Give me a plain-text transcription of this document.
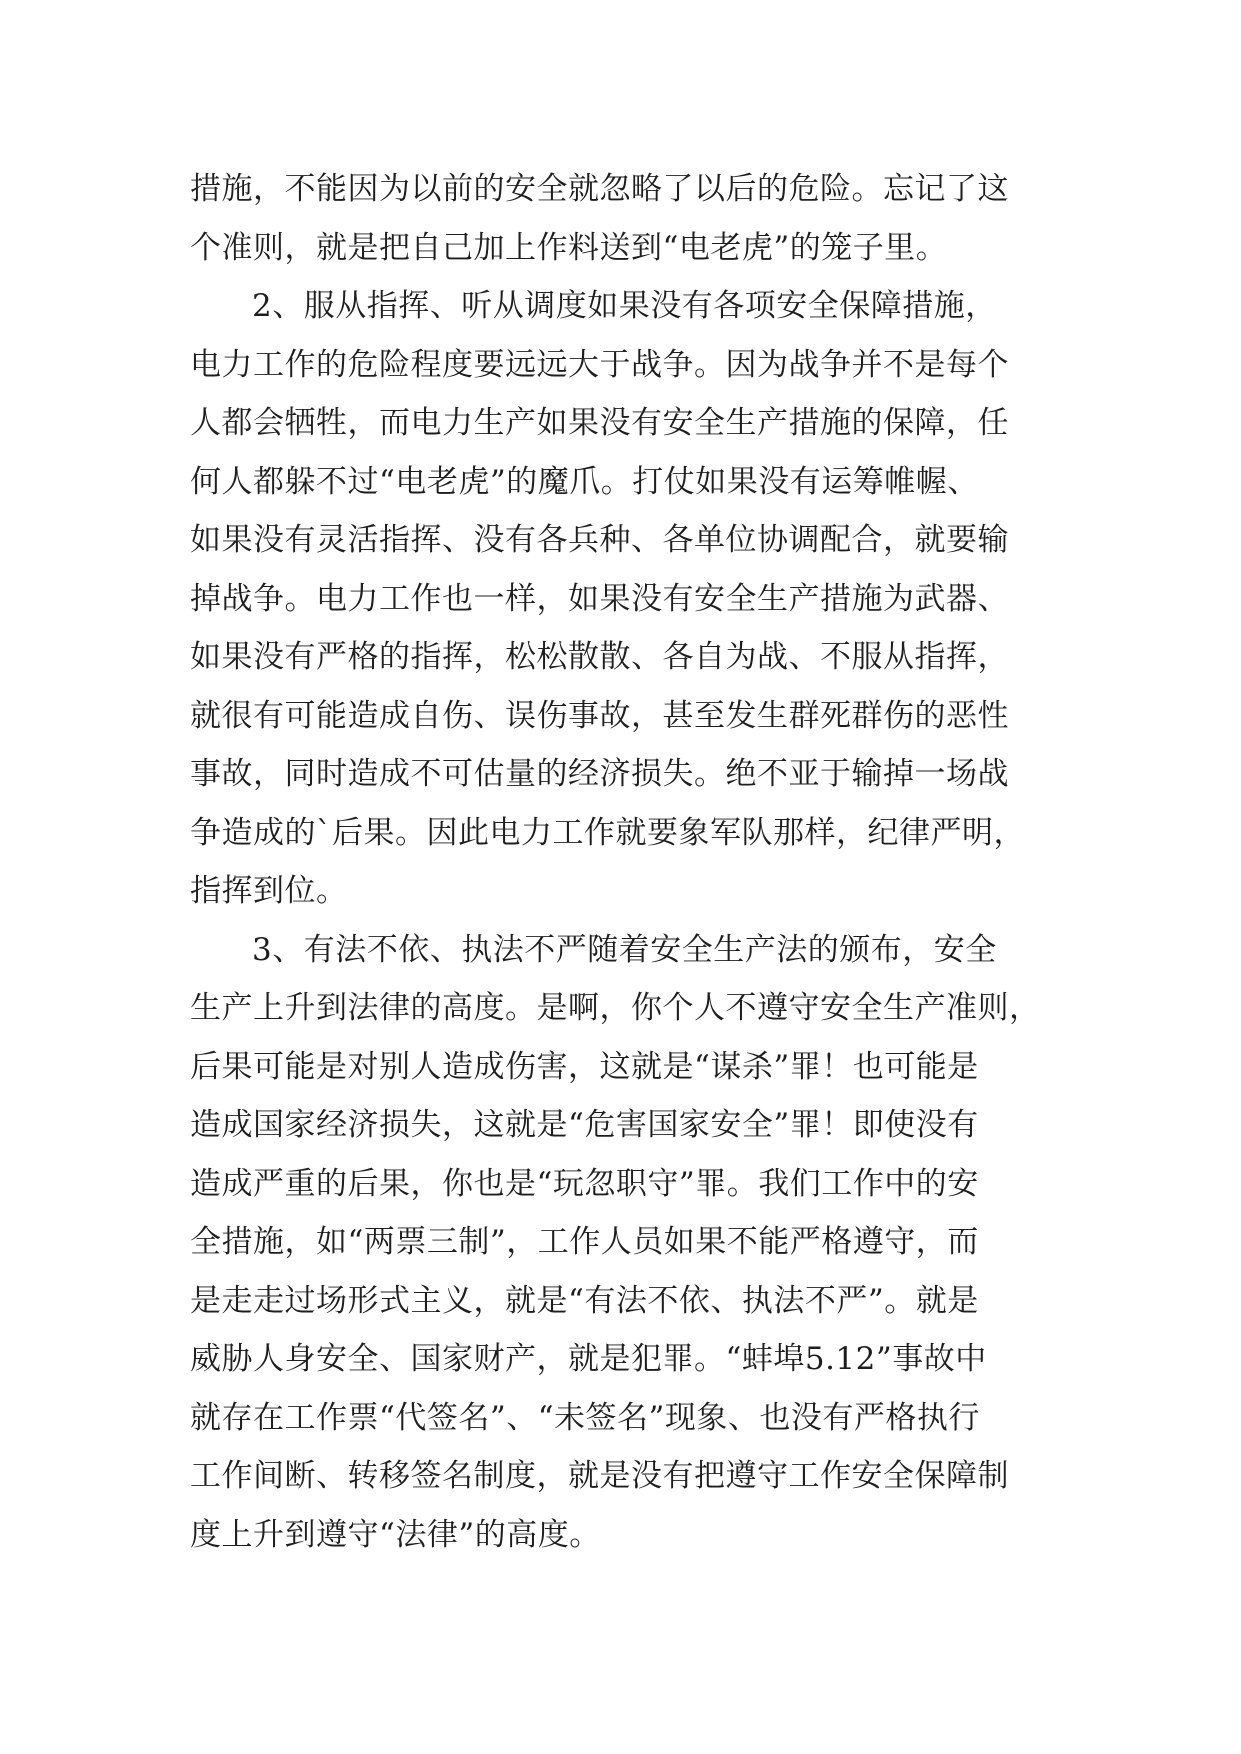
措施，不能因为以前的安全就忽略了以后的危险。忘记了这
个准则，就是把自己加上作料送到“电老虎”的笼子里。
2、服从指挥、听从调度如果没有各项安全保障措施，
电力工作的危险程度要远远大于战争。因为战争并不是每个
人都会牺牲，而电力生产如果没有安全生产措施的保障，任
何人都躲不过“电老虎”的魔爪。打仗如果没有运筹帷幄、
如果没有灵活指挥、没有各兵种、各单位协调配合，就要输
掉战争。电力工作也一样，如果没有安全生产措施为武器、
如果没有严格的指挥，松松散散、各自为战、不服从指挥，
就很有可能造成自伤、误伤事故，甚至发生群死群伤的恶性
事故，同时造成不可估量的经济损失。绝不亚于输掉一场战
争造成的`后果。因此电力工作就要象军队那样，纪律严明，
指挥到位。
3、有法不依、执法不严随着安全生产法的颁布，安全
生产上升到法律的高度。是啊，你个人不遵守安全生产准则，
后果可能是对别人造成伤害，这就是“谋杀”罪！也可能是
造成国家经济损失，这就是“危害国家安全”罪！即使没有
造成严重的后果，你也是“玩忽职守”罪。我们工作中的安
全措施，如“两票三制”，工作人员如果不能严格遵守，而
是走走过场形式主义，就是“有法不依、执法不严”。就是
威胁人身安全、国家财产，就是犯罪。“蚌埠5.12”事故中
就存在工作票“代签名”、“未签名”现象、也没有严格执行
工作间断、转移签名制度，就是没有把遵守工作安全保障制
度上升到遵守“法律”的高度。
